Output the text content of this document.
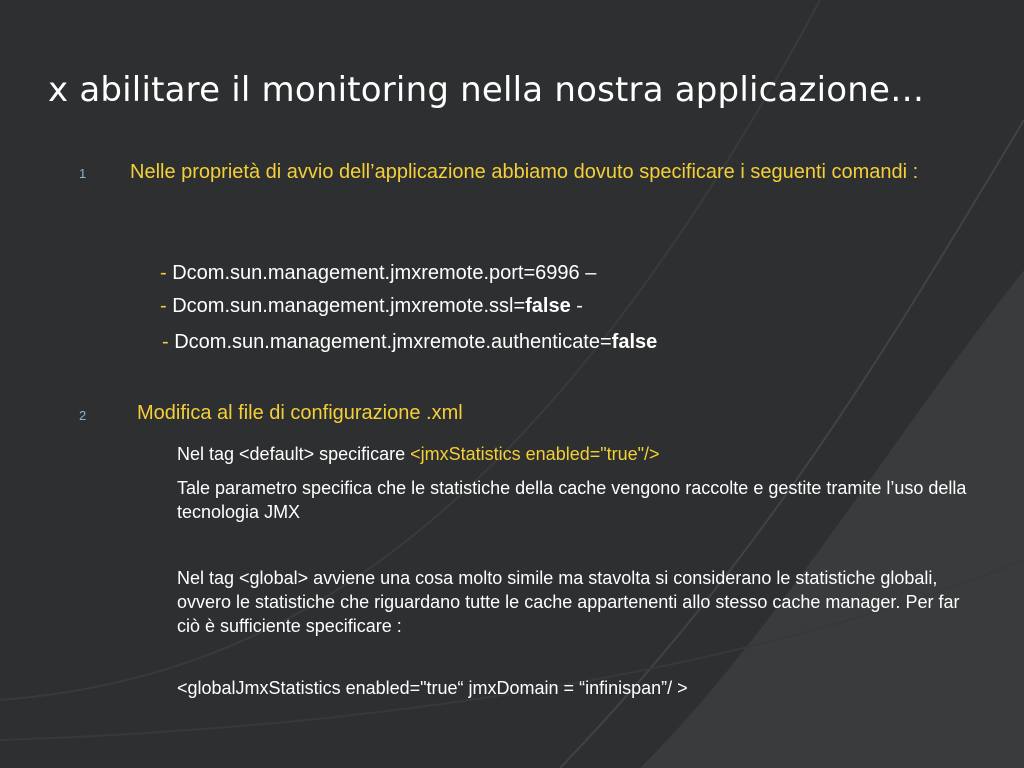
x abilitare il monitoring nella nostra applicazione…
1 Nelle proprietà di avvio dell’applicazione abbiamo dovuto specificare i seguenti comandi :

- Dcom.sun.management.jmxremote.port=6996 –

- Dcom.sun.management.jmxremote.ssl=false -

- Dcom.sun.management.jmxremote.authenticate=false

2	Modifica al file di configurazione .xml

Nel tag <default> specificare <jmxStatistics enabled="true"/>

Tale parametro specifica che le statistiche della cache vengono raccolte e gestite tramite l’uso della tecnologia JMX

Nel tag <global> avviene una cosa molto simile ma stavolta si considerano le statistiche globali, ovvero le statistiche che riguardano tutte le cache appartenenti allo stesso cache manager. Per far ciò è sufficiente specificare :

<globalJmxStatistics enabled="true“ jmxDomain = “infinispan”/ >
